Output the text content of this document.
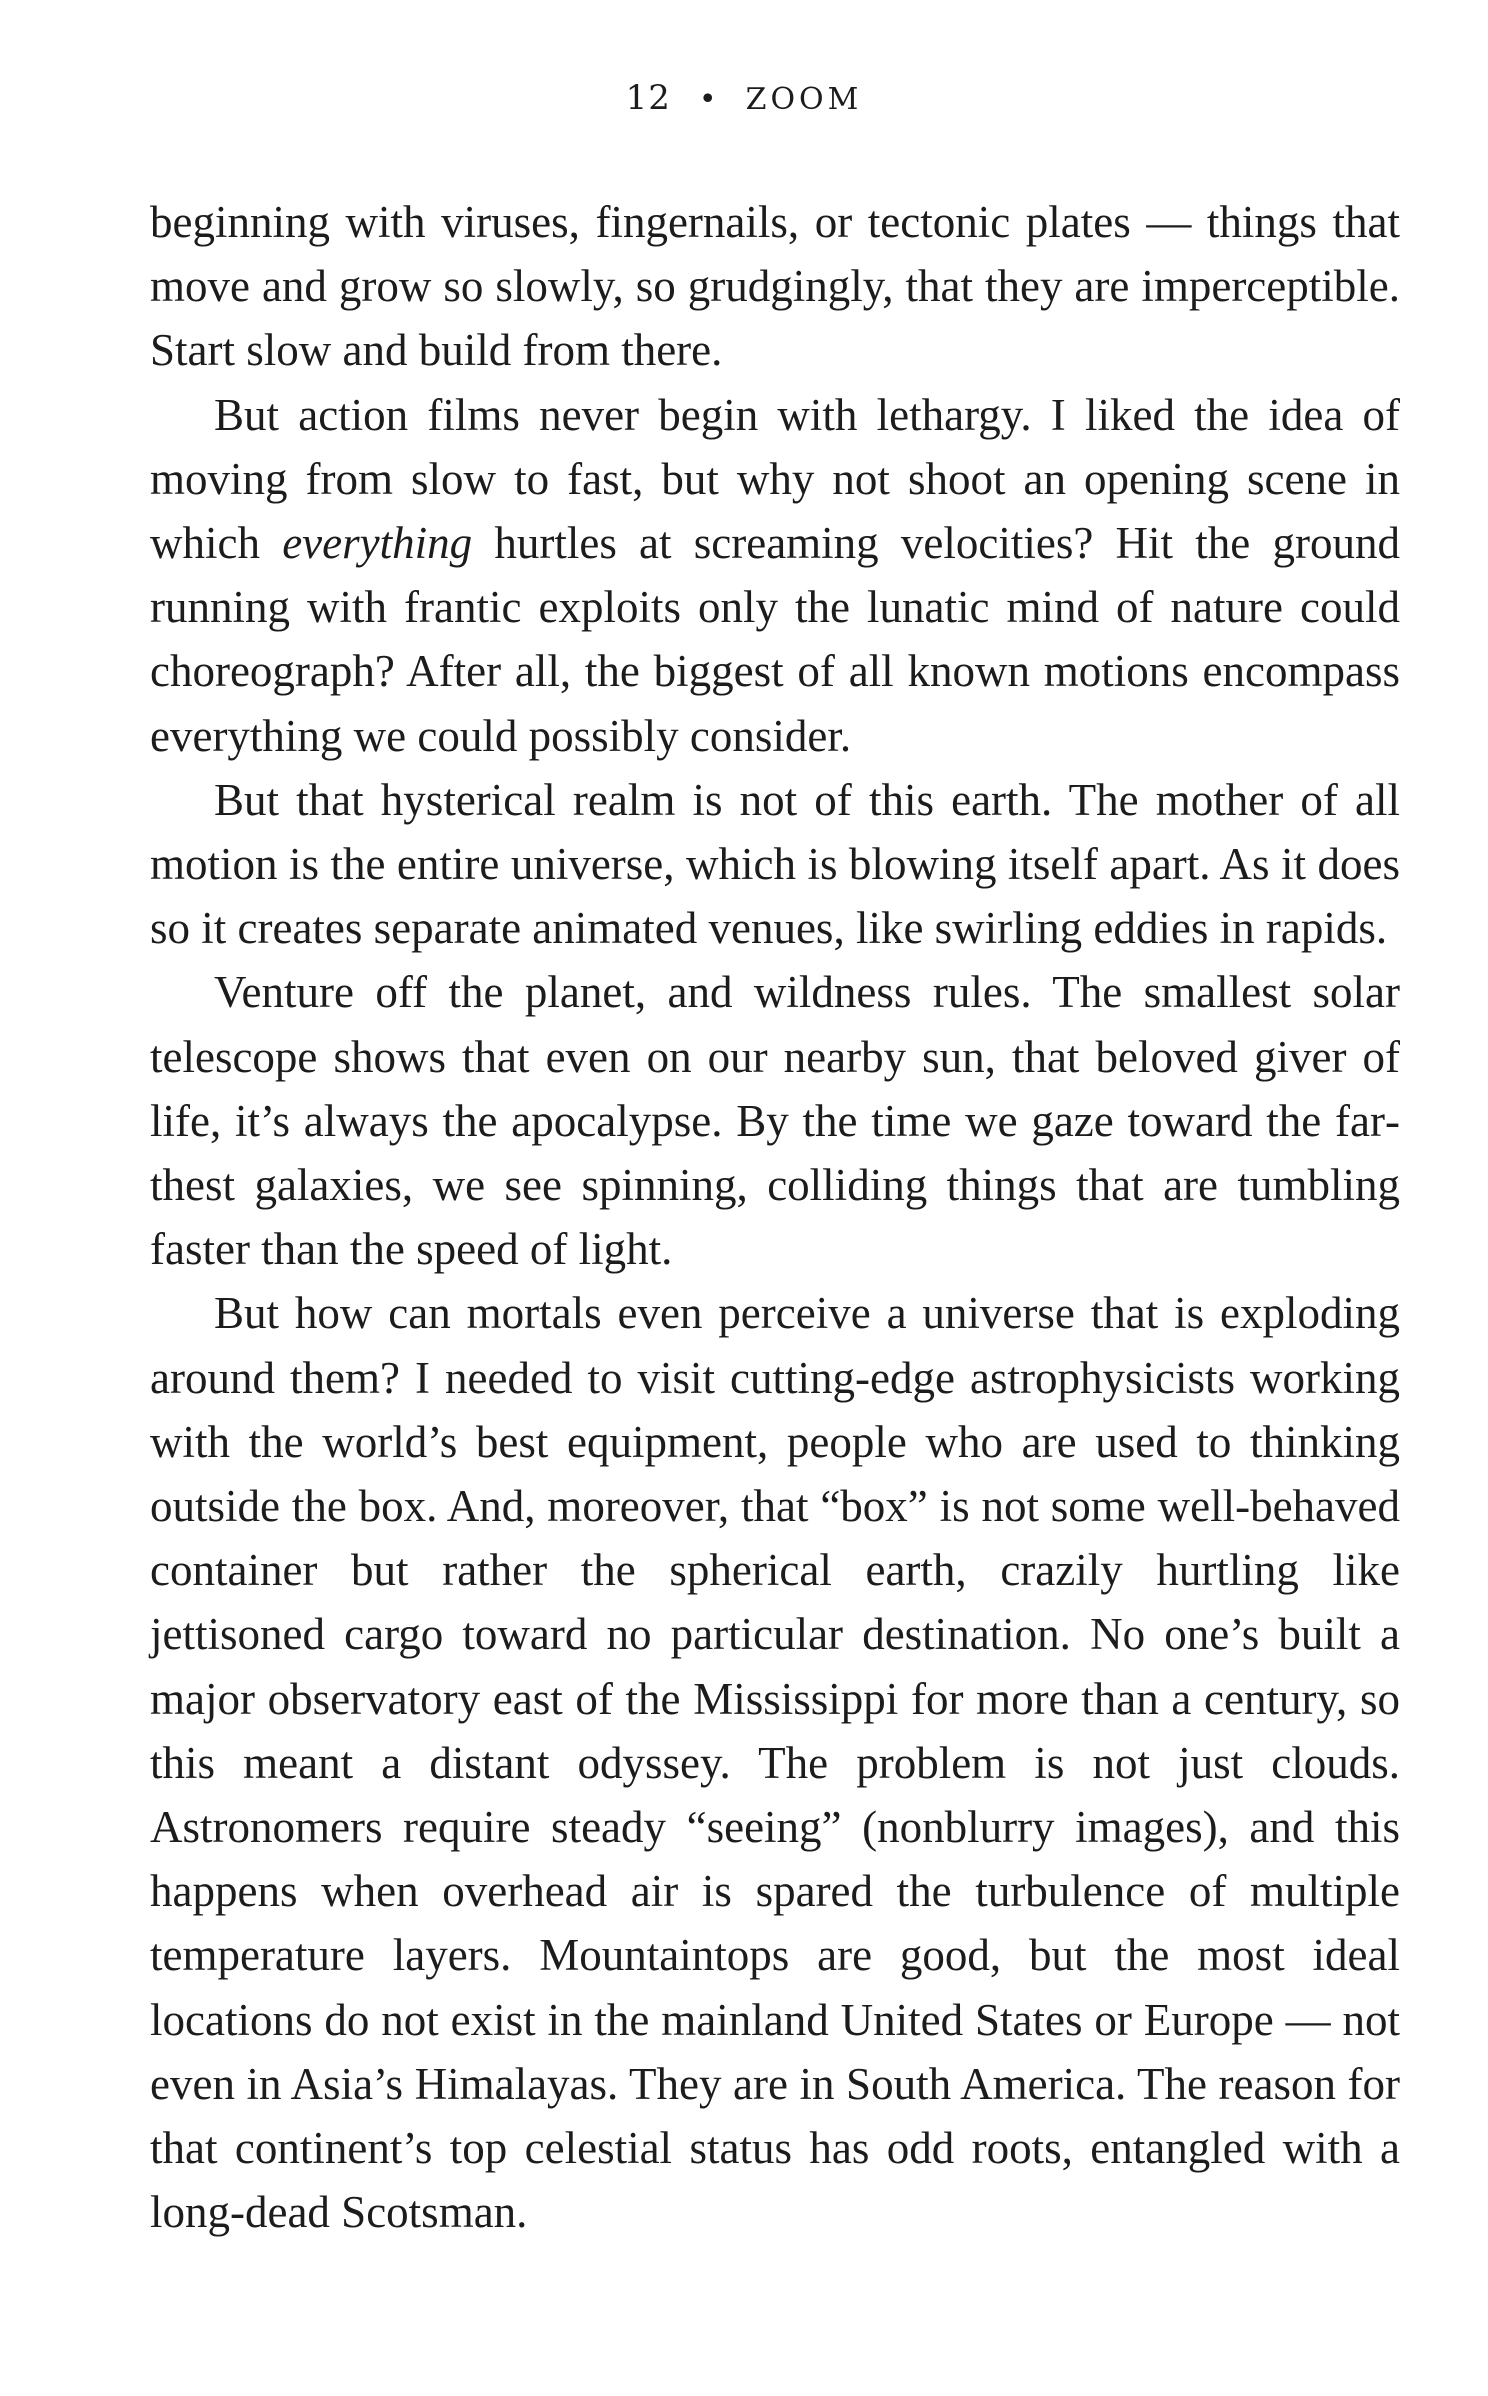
12 • ZOOM

beginning with viruses, fingernails, or tectonic plates — things that move and grow so slowly, so grudgingly, that they are imperceptible. Start slow and build from there.

But action films never begin with lethargy. I liked the idea of moving from slow to fast, but why not shoot an opening scene in which everything hurtles at screaming velocities? Hit the ground running with frantic exploits only the lunatic mind of nature could choreograph? After all, the biggest of all known motions encompass everything we could possibly consider.

But that hysterical realm is not of this earth. The mother of all motion is the entire universe, which is blowing itself apart. As it does so it creates separate animated venues, like swirling eddies in rapids.

Venture off the planet, and wildness rules. The smallest solar telescope shows that even on our nearby sun, that beloved giver of life, it’s always the apocalypse. By the time we gaze toward the farthest galaxies, we see spinning, colliding things that are tumbling faster than the speed of light.

But how can mortals even perceive a universe that is exploding around them? I needed to visit cutting-edge astrophysicists working with the world’s best equipment, people who are used to thinking outside the box. And, moreover, that “box” is not some well-behaved container but rather the spherical earth, crazily hurtling like jettisoned cargo toward no particular destination. No one’s built a major observatory east of the Mississippi for more than a century, so this meant a distant odyssey. The problem is not just clouds. Astronomers require steady “seeing” (nonblurry images), and this happens when overhead air is spared the turbulence of multiple temperature layers. Mountaintops are good, but the most ideal locations do not exist in the mainland United States or Europe — not even in Asia’s Himalayas. They are in South America. The reason for that continent’s top celestial status has odd roots, entangled with a long-dead Scotsman.
